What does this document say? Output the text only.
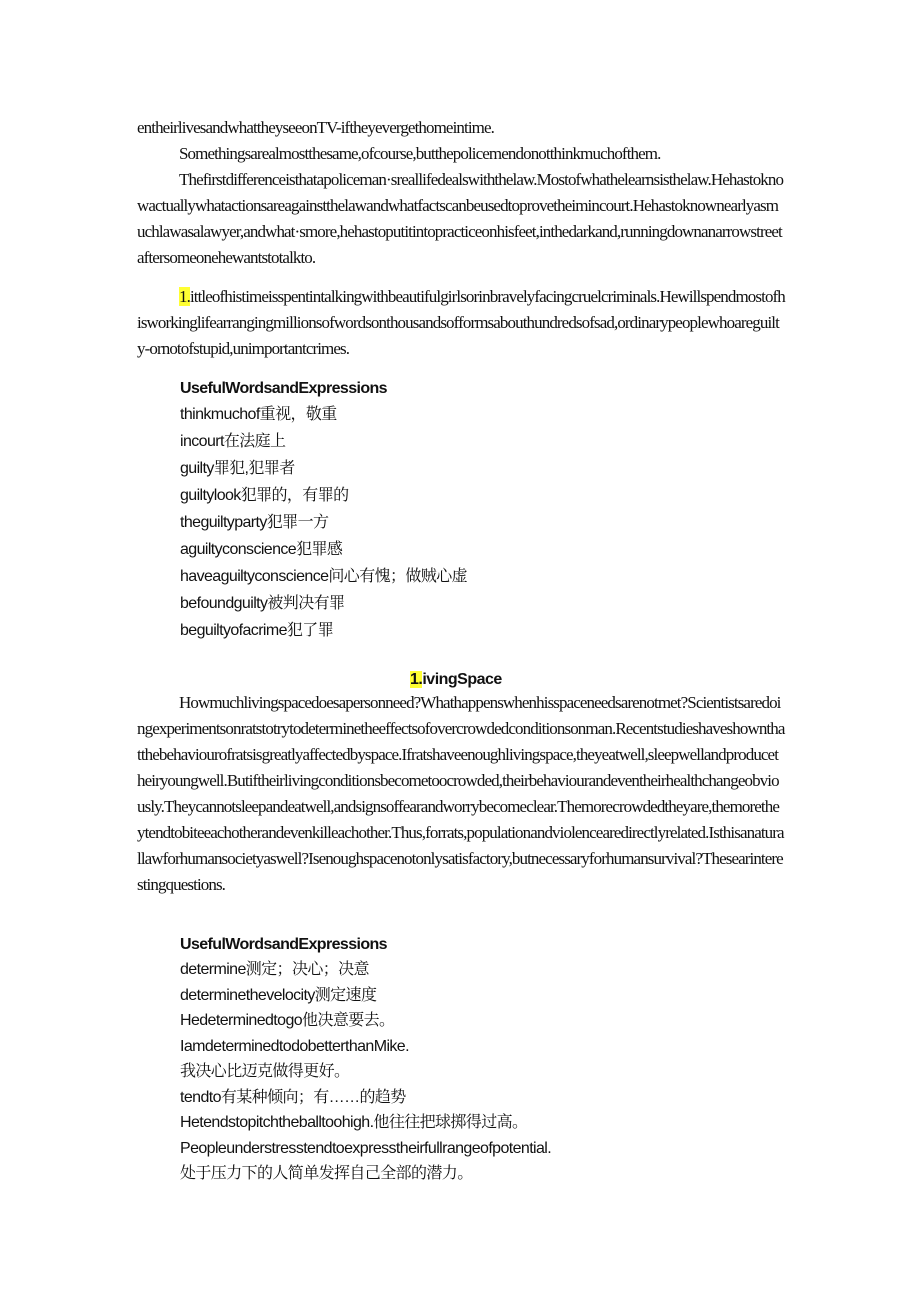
entheirlivesandwhattheyseeonTV-iftheyevergethomeintime.

Somethingsarealmostthesame,ofcourse,butthepolicemendonotthinkmuchofthem.

Thefirstdifferenceisthatapoliceman·sreallifedealswiththelaw.Mostofwhathelearnsisthelaw.Hehastoknowactuallywhatactionsareagainstthelawandwhatfactscanbeusedtoprovetheimincourt.Hehastoknownearlyasmuchlawasalawyer,andwhat·smore,hehastoputitintopracticeonhisfeet,inthedarkand,runningdownanarrowstreetaftersomeonehewantstotalkto.

1.ittleofhistimeisspentintalkingwithbeautifulgirlsorinbravelyfacingcruelcriminals.Hewillspendmostofhisworkinglifearrangingmillionsofwordsonthousandsofformsabouthundredsofsad,ordinarypeoplewhoareguilty-ornotofstupid,unimportantcrimes.

UsefulWordsandExpressions
thinkmuchof重视，敬重
incourt在法庭上
guilty罪犯,犯罪者
guiltylook犯罪的，有罪的
theguiltyparty犯罪一方
aguiltyconscience犯罪感
haveaguiltyconscience问心有愧；做贼心虚
befoundguilty被判决有罪
beguiltyofacrime犯了罪
1.ivingSpace

Howmuchlivingspacedoesapersonneed?Whathappenswhenhisspaceneedsarenotmet?Scientistsaredoingexperimentsonratstotrytodeterminetheeffectsofovercrowdedconditionsonman.Recentstudieshaveshownthatthebehaviourofratsisgreatlyaffectedbyspace.Ifratshaveenoughlivingspace,theyeatwell,sleepwellandproducetheiryoungwell.Butiftheirlivingconditionsbecometoocrowded,theirbehaviourandeventheirhealthchangeobviously.Theycannotsleepandeatwell,andsignsoffearandworrybecomeclear.Themorecrowdedtheyare,themoretheytendtobiteeachotherandevenkilleachother.Thus,forrats,populationandviolencearedirectlyrelated.Isthisanaturallawforhumansocietyaswell?Isenoughspacenotonlysatisfactory,butnecessaryforhumansurvival?Thesearinterestingquestions.

UsefulWordsandExpressions
determine测定；决心；决意
determinethevelocity测定速度
Hedeterminedtogo他决意要去。
IamdeterminedtodobetterthanMike.
我决心比迈克做得更好。
tendto有某种倾向；有……的趋势
Hetendstopitchtheballtoohigh.他往往把球掷得过高。
Peopleunderstresstendtoexpresstheirfullrangeofpotential.
处于压力下的人简单发挥自己全部的潜力。
